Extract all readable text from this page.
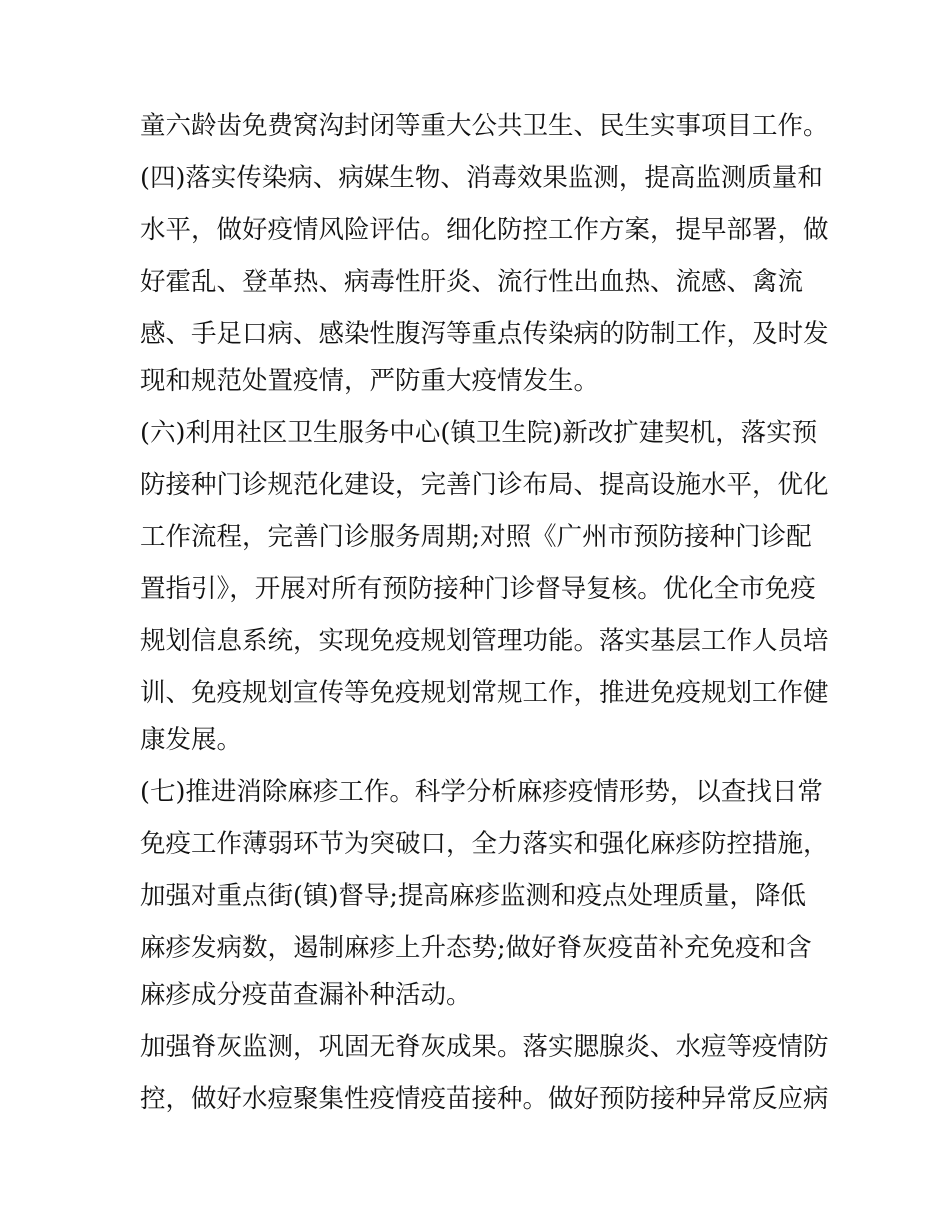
童六龄齿免费窝沟封闭等重大公共卫生、民生实事项目工作。

(四)落实传染病、病媒生物、消毒效果监测，提高监测质量和

水平，做好疫情风险评估。细化防控工作方案，提早部署，做

好霍乱、登革热、病毒性肝炎、流行性出血热、流感、禽流

感、手足口病、感染性腹泻等重点传染病的防制工作，及时发

现和规范处置疫情，严防重大疫情发生。

(六)利用社区卫生服务中心(镇卫生院)新改扩建契机，落实预

防接种门诊规范化建设，完善门诊布局、提高设施水平，优化

工作流程，完善门诊服务周期;对照《广州市预防接种门诊配

置指引》，开展对所有预防接种门诊督导复核。优化全市免疫

规划信息系统，实现免疫规划管理功能。落实基层工作人员培

训、免疫规划宣传等免疫规划常规工作，推进免疫规划工作健

康发展。

(七)推进消除麻疹工作。科学分析麻疹疫情形势，以查找日常

免疫工作薄弱环节为突破口，全力落实和强化麻疹防控措施，

加强对重点街(镇)督导;提高麻疹监测和疫点处理质量，降低

麻疹发病数，遏制麻疹上升态势;做好脊灰疫苗补充免疫和含

麻疹成分疫苗查漏补种活动。

加强脊灰监测，巩固无脊灰成果。落实腮腺炎、水痘等疫情防

控，做好水痘聚集性疫情疫苗接种。做好预防接种异常反应病
